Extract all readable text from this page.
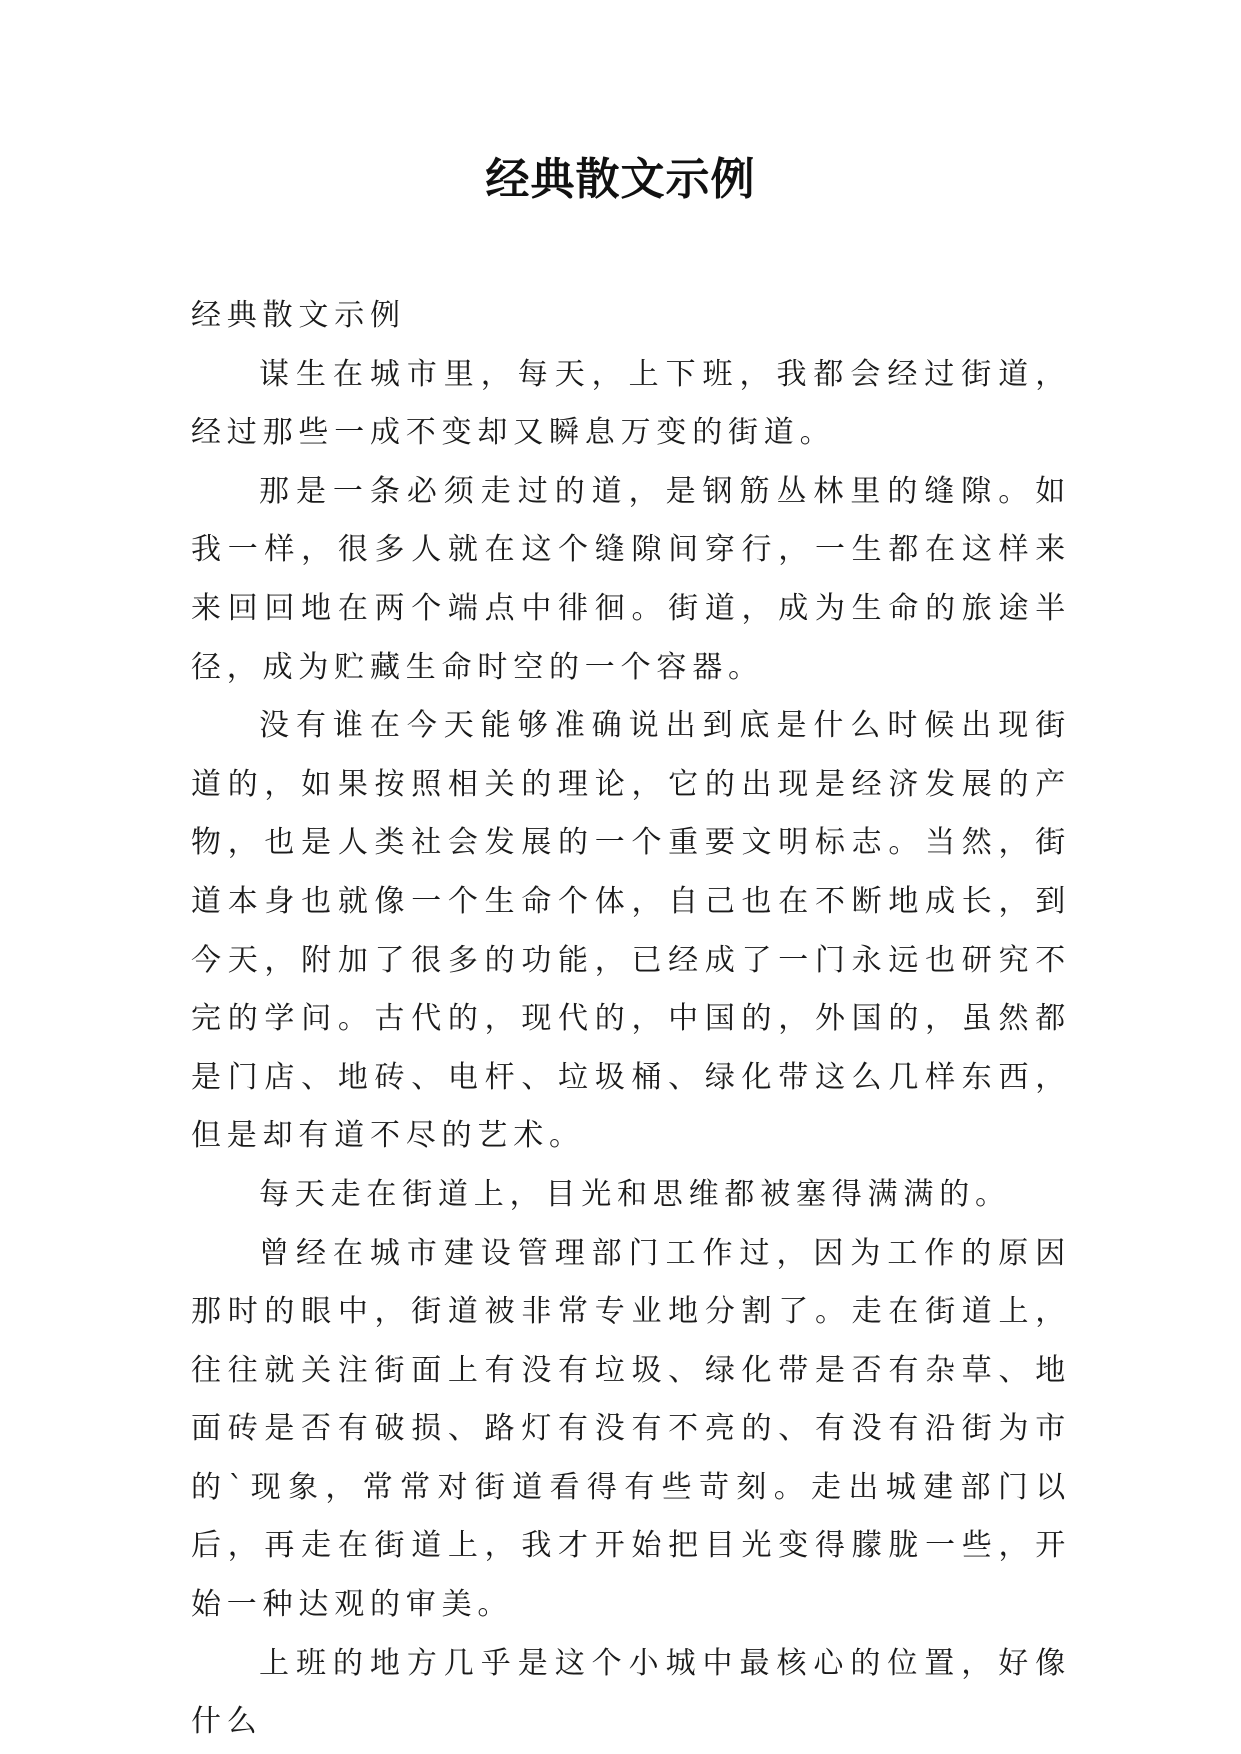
经典散文示例

经典散文示例

谋生在城市里，每天，上下班，我都会经过街道，经过那些一成不变却又瞬息万变的街道。

那是一条必须走过的道，是钢筋丛林里的缝隙。如我一样，很多人就在这个缝隙间穿行，一生都在这样来来回回地在两个端点中徘徊。街道，成为生命的旅途半径，成为贮藏生命时空的一个容器。

没有谁在今天能够准确说出到底是什么时候出现街道的，如果按照相关的理论，它的出现是经济发展的产物，也是人类社会发展的一个重要文明标志。当然，街道本身也就像一个生命个体，自己也在不断地成长，到今天，附加了很多的功能，已经成了一门永远也研究不完的学问。古代的，现代的，中国的，外国的，虽然都是门店、地砖、电杆、垃圾桶、绿化带这么几样东西，但是却有道不尽的艺术。

每天走在街道上，目光和思维都被塞得满满的。

曾经在城市建设管理部门工作过，因为工作的原因那时的眼中，街道被非常专业地分割了。走在街道上，往往就关注街面上有没有垃圾、绿化带是否有杂草、地面砖是否有破损、路灯有没有不亮的、有没有沿街为市的`现象，常常对街道看得有些苛刻。走出城建部门以后，再走在街道上，我才开始把目光变得朦胧一些，开始一种达观的审美。

上班的地方几乎是这个小城中最核心的位置，好像什么
